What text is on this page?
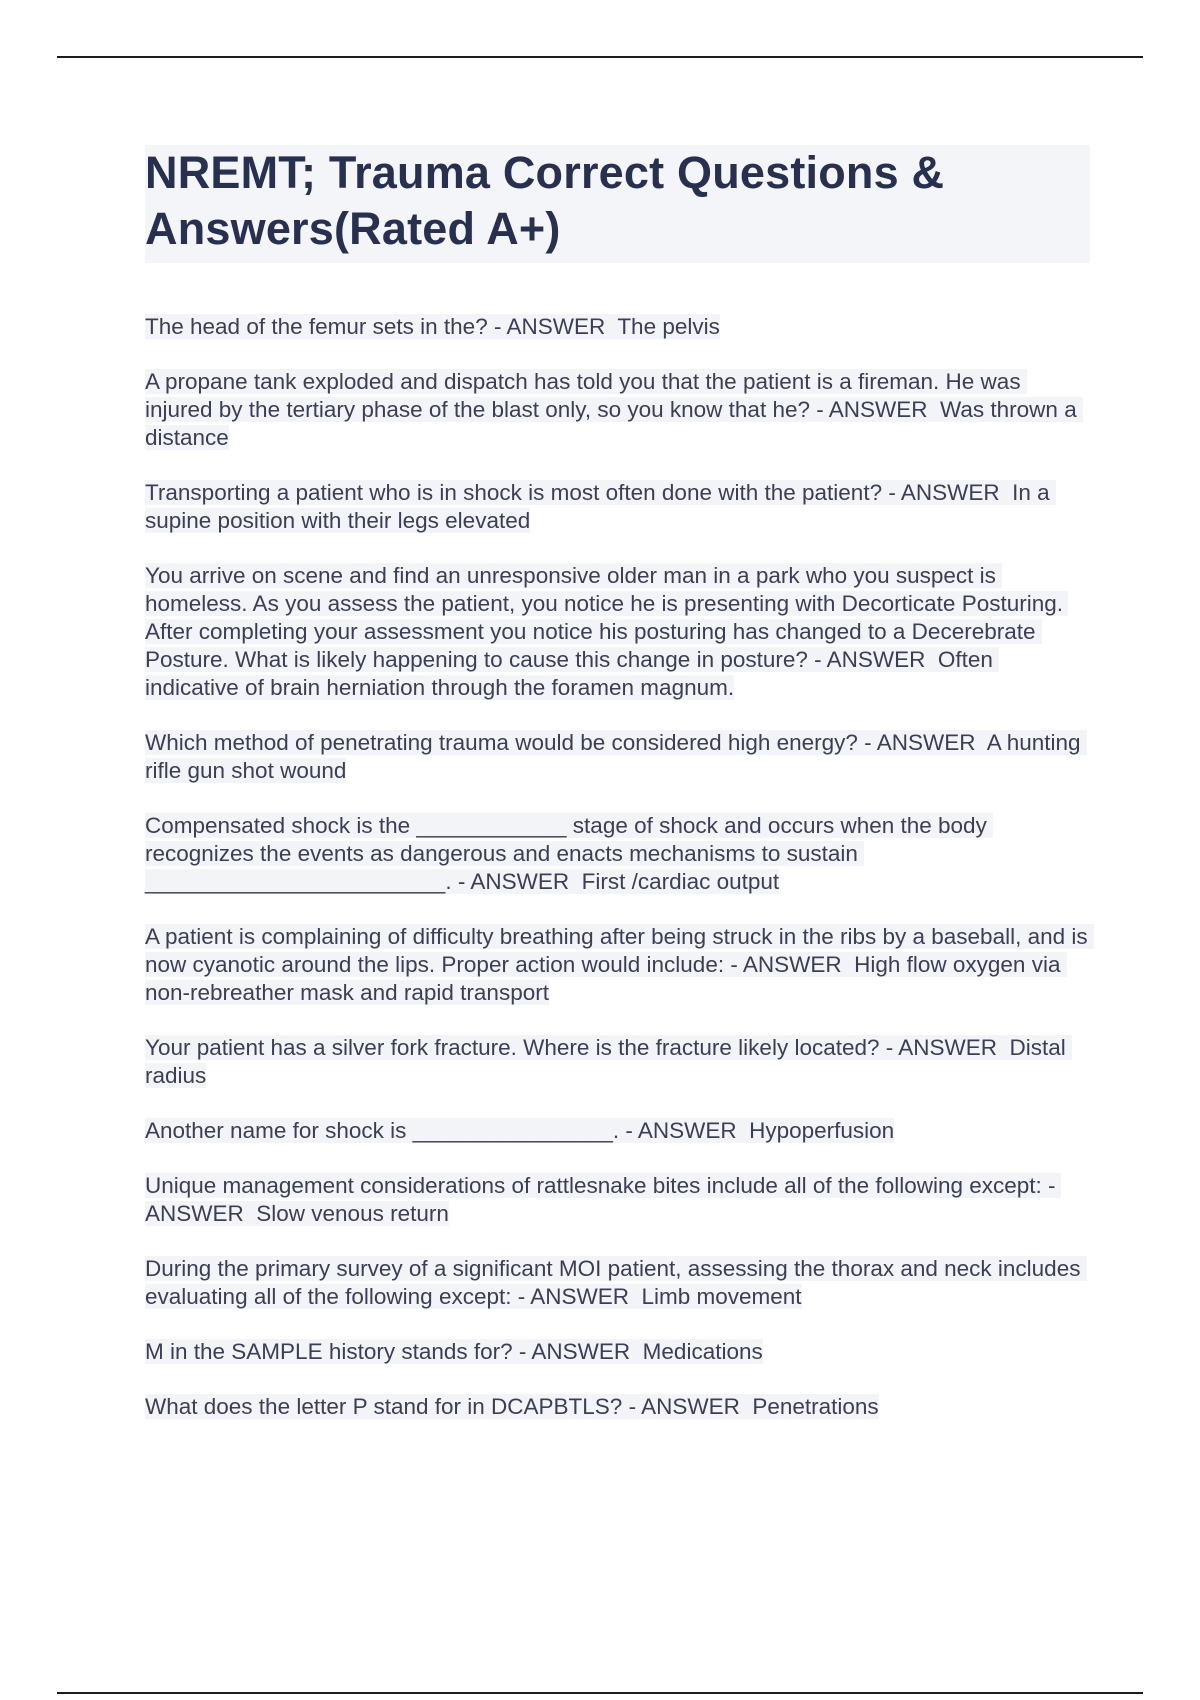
NREMT; Trauma Correct Questions & Answers(Rated A+)
The head of the femur sets in the? - ANSWER  The pelvis
A propane tank exploded and dispatch has told you that the patient is a fireman. He was injured by the tertiary phase of the blast only, so you know that he? - ANSWER  Was thrown a distance
Transporting a patient who is in shock is most often done with the patient? - ANSWER  In a supine position with their legs elevated
You arrive on scene and find an unresponsive older man in a park who you suspect is homeless. As you assess the patient, you notice he is presenting with Decorticate Posturing. After completing your assessment you notice his posturing has changed to a Decerebrate Posture. What is likely happening to cause this change in posture? - ANSWER  Often indicative of brain herniation through the foramen magnum.
Which method of penetrating trauma would be considered high energy? - ANSWER  A hunting rifle gun shot wound
Compensated shock is the ____________ stage of shock and occurs when the body recognizes the events as dangerous and enacts mechanisms to sustain ________________________. - ANSWER  First /cardiac output
A patient is complaining of difficulty breathing after being struck in the ribs by a baseball, and is now cyanotic around the lips. Proper action would include: - ANSWER  High flow oxygen via non-rebreather mask and rapid transport
Your patient has a silver fork fracture. Where is the fracture likely located? - ANSWER  Distal radius
Another name for shock is ________________. - ANSWER  Hypoperfusion
Unique management considerations of rattlesnake bites include all of the following except: - ANSWER  Slow venous return
During the primary survey of a significant MOI patient, assessing the thorax and neck includes evaluating all of the following except: - ANSWER  Limb movement
M in the SAMPLE history stands for? - ANSWER  Medications
What does the letter P stand for in DCAPBTLS? - ANSWER  Penetrations
